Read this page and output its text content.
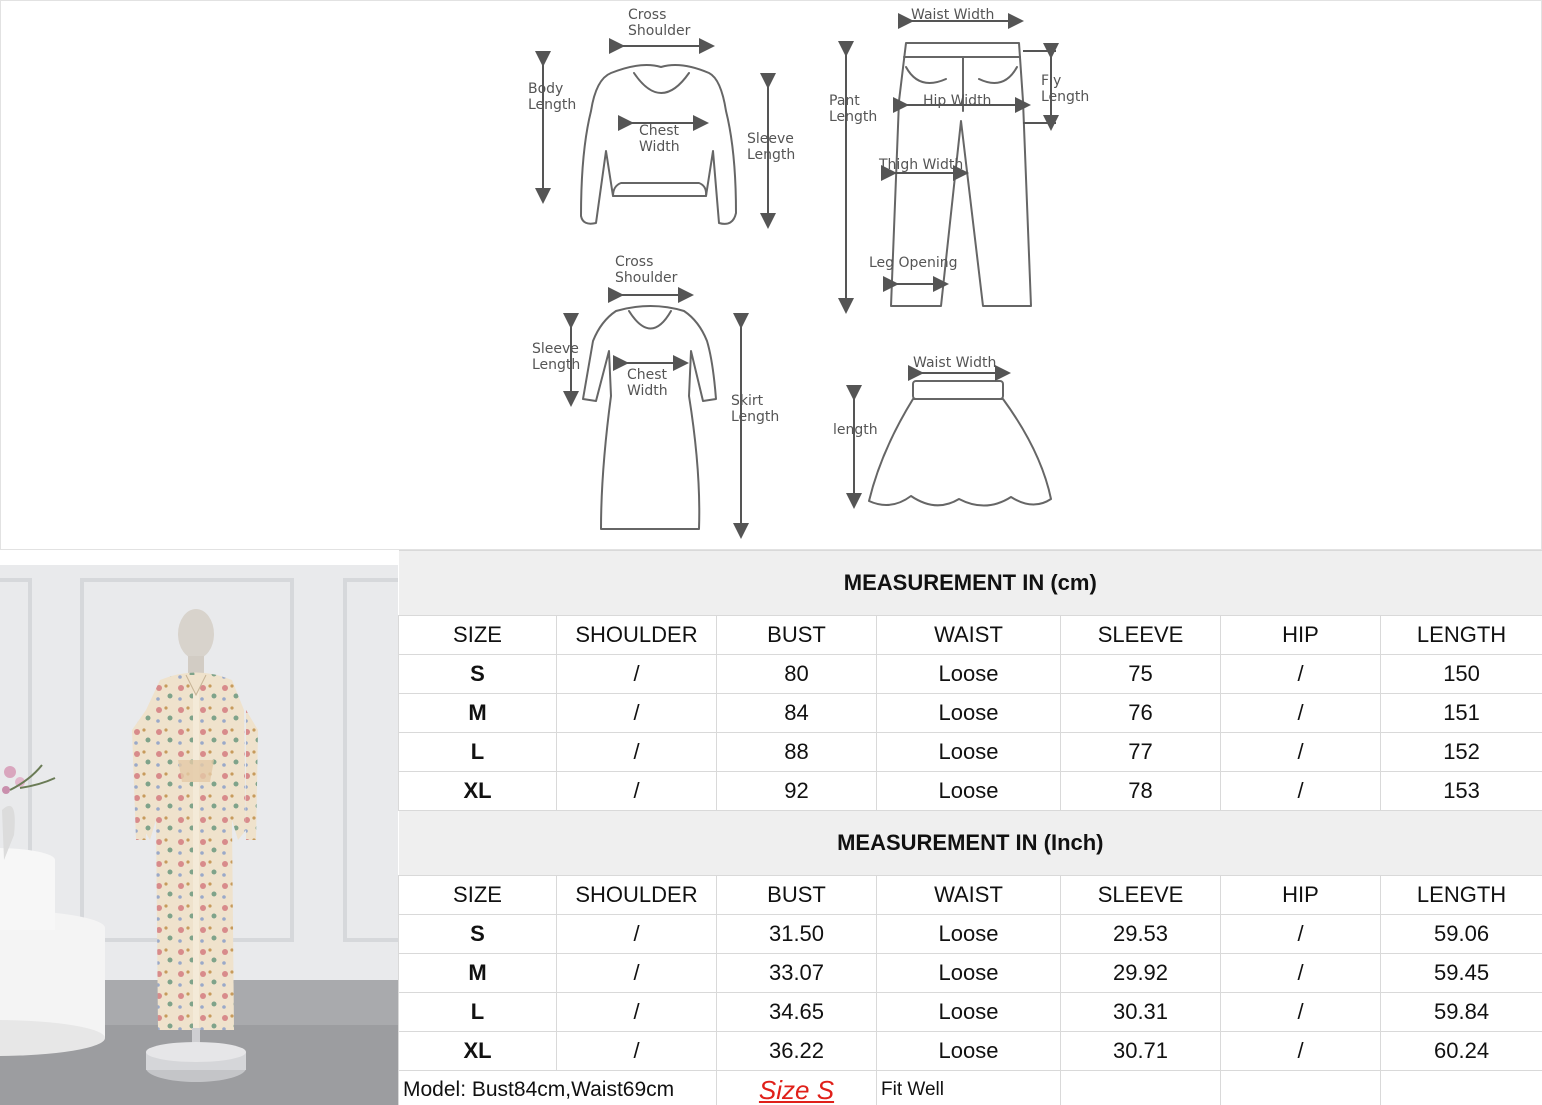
Cross
Shoulder
Body
Length
Chest
Width	Sleeve
Length
Waist Width
Pant
Length
Hip Width
Fly
Length
Thigh Width
Leg Opening
Cross
Shoulder
Sleeve
Length
Chest
Width
Skirt
Length
Waist Width
length
MEASUREMENT IN (cm)						
SIZE	SHOULDER	BUST	WAIST	SLEEVE	HIP	LENGTH
S	/	80	Loose	75	/	150
M	/	84	Loose	76	/	151
L	/	88	Loose	77	/	152
XL	/	92	Loose	78	/	153
MEASUREMENT IN (Inch)						
SIZE	SHOULDER	BUST	WAIST	SLEEVE	HIP	LENGTH
S	/	31.50	Loose	29.53	/	59.06
M	/	33.07	Loose	29.92	/	59.45
L	/	34.65	Loose	30.31	/	59.84
XL	/	36.22	Loose	30.71	/	60.24
Model: Bust84cm,Waist69cm		Size S	Fit Well			
